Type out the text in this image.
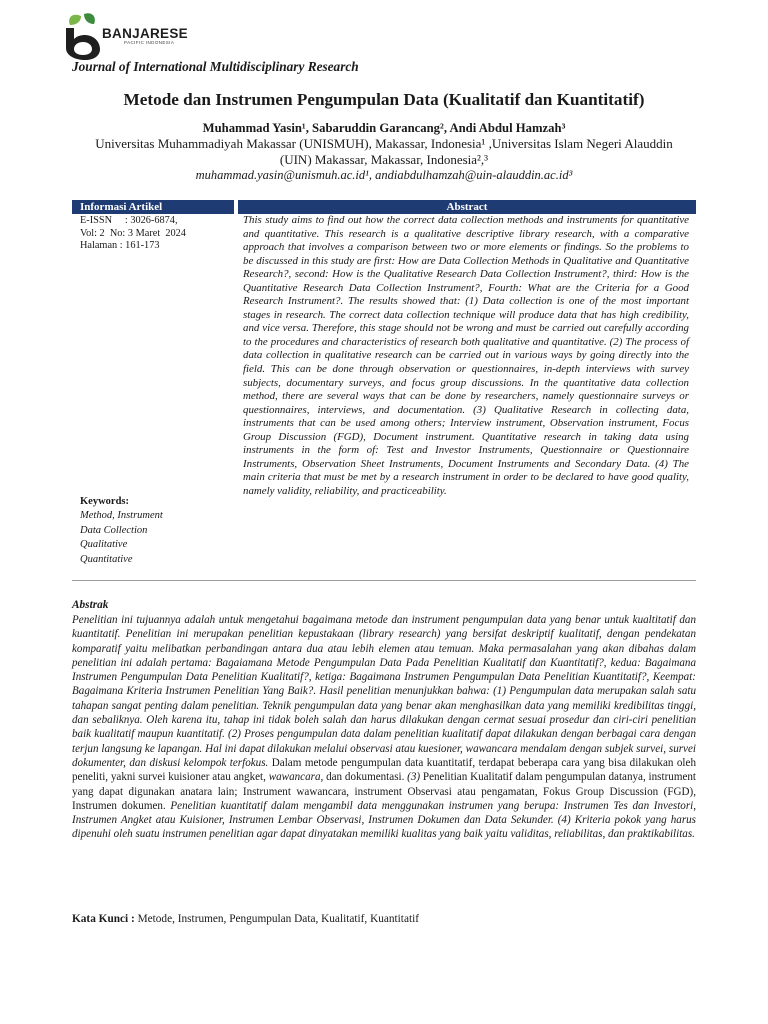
BANJARESE
PACIFIC INDONESIA
Journal of International Multidisciplinary Research
Metode dan Instrumen Pengumpulan Data (Kualitatif dan Kuantitatif)
Muhammad Yasin¹, Sabaruddin Garancang², Andi Abdul Hamzah³
Universitas Muhammadiyah Makassar (UNISMUH), Makassar, Indonesia¹ ,Universitas Islam Negeri Alauddin (UIN) Makassar, Makassar, Indonesia²,³
muhammad.yasin@unismuh.ac.id¹, andiabdulhamzah@uin-alauddin.ac.id³
Informasi Artikel	Abstract
E-ISSN     : 3026-6874,
Vol: 2  No: 3 Maret  2024
Halaman : 161-173
Keywords:
Method, Instrument
Data Collection
Qualitative
Quantitative
This study aims to find out how the correct data collection methods and instruments for quantitative and quantitative. This research is a qualitative descriptive library research, with a comparative approach that involves a comparison between two or more elements or findings. So the problems to be discussed in this study are first: How are Data Collection Methods in Qualitative and Quantitative Research?, second: How is the Qualitative Research Data Collection Instrument?, third: How is the Quantitative Research Data Collection Instrument?, Fourth: What are the Criteria for a Good Research Instrument?. The results showed that: (1) Data collection is one of the most important stages in research. The correct data collection technique will produce data that has high credibility, and vice versa. Therefore, this stage should not be wrong and must be carried out carefully according to the procedures and characteristics of research both qualitative and quantitative. (2) The process of data collection in qualitative research can be carried out in various ways by going directly into the field. This can be done through observation or questionnaires, in-depth interviews with survey subjects, documentary surveys, and focus group discussions. In the quantitative data collection method, there are several ways that can be done by researchers, namely questionnaire surveys or questionnaires, interviews, and documentation. (3) Qualitative Research in collecting data, instruments that can be used among others; Interview instrument, Observation instrument, Focus Group Discussion (FGD), Document instrument. Quantitative research in taking data using instruments in the form of: Test and Investor Instruments, Questionnaire or Questionnaire Instruments, Observation Sheet Instruments, Document Instruments and Secondary Data. (4) The main criteria that must be met by a research instrument in order to be declared to have good quality, namely validity, reliability, and practiceability.
Abstrak
Penelitian ini tujuannya adalah untuk mengetahui bagaimana metode dan instrument pengumpulan data yang benar untuk kualtitatif dan kuantitatif. Penelitian ini merupakan penelitian kepustakaan (library research) yang bersifat deskriptif kualitatif, dengan pendekatan komparatif yaitu melibatkan perbandingan antara dua atau lebih elemen atau temuan. Maka permasalahan yang akan dibahas dalam penelitian ini adalah pertama: Bagaiamana Metode Pengumpulan Data Pada Penelitian Kualitatif dan Kuantitatif?, kedua: Bagaimana Instrumen Pengumpulan Data Penelitian Kualitatif?, ketiga: Bagaimana Instrumen Pengumpulan Data Penelitian Kuantitatif?, Keempat: Bagaimana Kriteria Instrumen Penelitian Yang Baik?. Hasil penelitian menunjukkan bahwa: (1) Pengumpulan data merupakan salah satu tahapan sangat penting dalam penelitian. Teknik pengumpulan data yang benar akan menghasilkan data yang memiliki kredibilitas tinggi, dan sebaliknya. Oleh karena itu, tahap ini tidak boleh salah dan harus dilakukan dengan cermat sesuai prosedur dan ciri-ciri penelitian baik kualitatif maupun kuantitatif. (2) Proses pengumpulan data dalam penelitian kualitatif dapat dilakukan dengan berbagai cara dengan terjun langsung ke lapangan. Hal ini dapat dilakukan melalui observasi atau kuesioner, wawancara mendalam dengan subjek survei, survei dokumenter, dan diskusi kelompok terfokus. Dalam metode pengumpulan data kuantitatif, terdapat beberapa cara yang bisa dilakukan oleh peneliti, yakni survei kuisioner atau angket, wawancara, dan dokumentasi. (3) Penelitian Kualitatif dalam pengumpulan datanya, instrument yang dapat digunakan anatara lain; Instrument wawancara, instrument Observasi atau pengamatan, Fokus Group Discussion (FGD), Instrumen dokumen. Penelitian kuantitatif dalam mengambil data menggunakan instrumen yang berupa: Instrumen Tes dan Investori, Instrumen Angket atau Kuisioner, Instrumen Lembar Observasi, Instrumen Dokumen dan Data Sekunder. (4) Kriteria pokok yang harus dipenuhi oleh suatu instrumen penelitian agar dapat dinyatakan memiliki kualitas yang baik yaitu validitas, reliabilitas, dan praktikabilitas.
Kata Kunci : Metode, Instrumen, Pengumpulan Data, Kualitatif, Kuantitatif
